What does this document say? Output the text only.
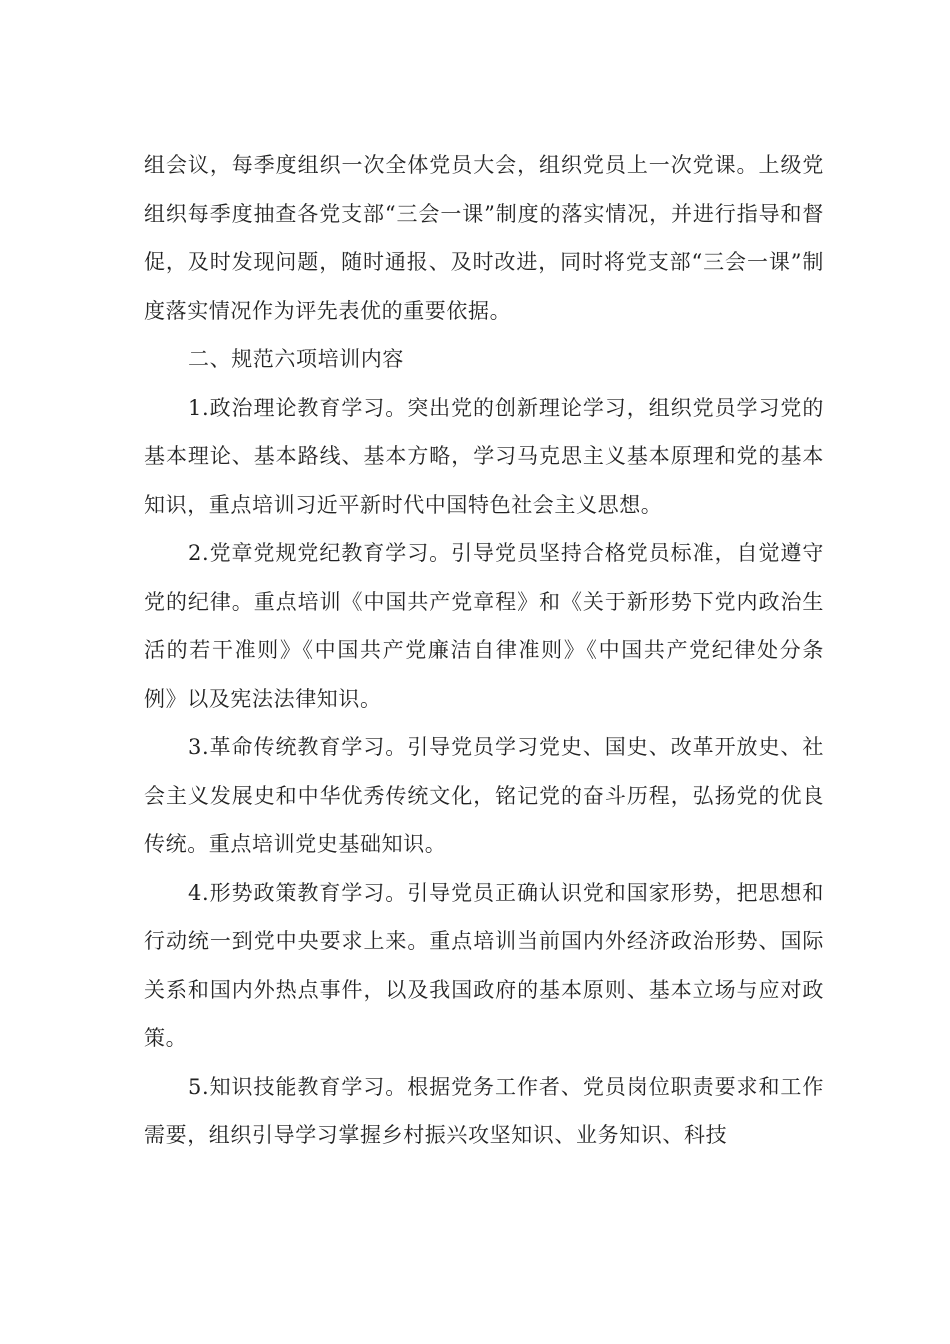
组会议，每季度组织一次全体党员大会，组织党员上一次党课。上级党组织每季度抽查各党支部“三会一课”制度的落实情况，并进行指导和督促，及时发现问题，随时通报、及时改进，同时将党支部“三会一课”制度落实情况作为评先表优的重要依据。

二、规范六项培训内容

1.政治理论教育学习。突出党的创新理论学习，组织党员学习党的基本理论、基本路线、基本方略，学习马克思主义基本原理和党的基本知识，重点培训习近平新时代中国特色社会主义思想。

2.党章党规党纪教育学习。引导党员坚持合格党员标准，自觉遵守党的纪律。重点培训《中国共产党章程》和《关于新形势下党内政治生活的若干准则》《中国共产党廉洁自律准则》《中国共产党纪律处分条例》以及宪法法律知识。

3.革命传统教育学习。引导党员学习党史、国史、改革开放史、社会主义发展史和中华优秀传统文化，铭记党的奋斗历程，弘扬党的优良传统。重点培训党史基础知识。

4.形势政策教育学习。引导党员正确认识党和国家形势，把思想和行动统一到党中央要求上来。重点培训当前国内外经济政治形势、国际关系和国内外热点事件，以及我国政府的基本原则、基本立场与应对政策。

5.知识技能教育学习。根据党务工作者、党员岗位职责要求和工作需要，组织引导学习掌握乡村振兴攻坚知识、业务知识、科技
